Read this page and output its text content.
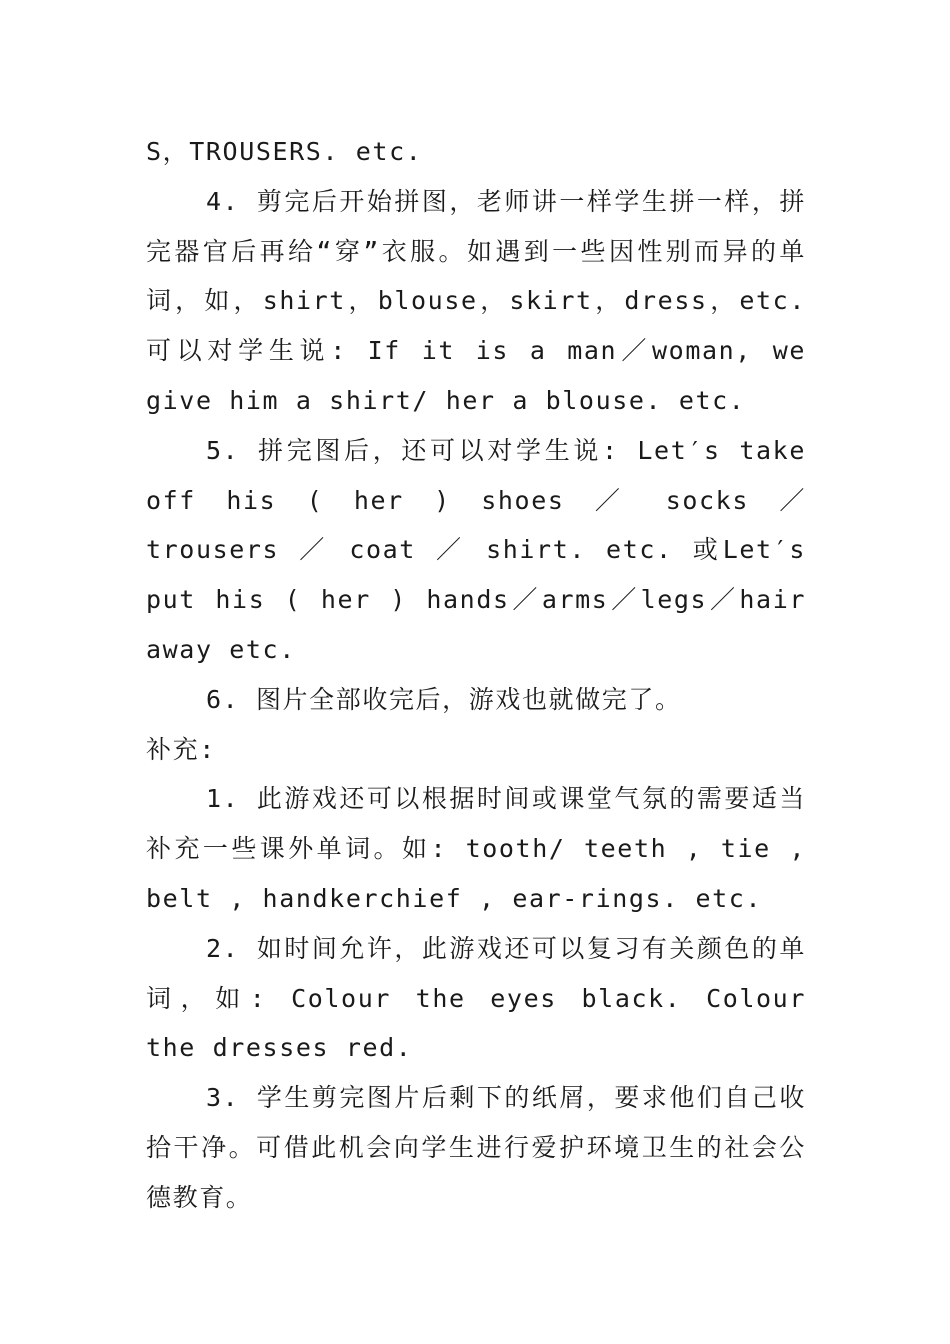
S，TROUSERS. etc.

4. 剪完后开始拼图，老师讲一样学生拼一样，拼完器官后再给“穿”衣服。如遇到一些因性别而异的单词，如，shirt，blouse，skirt，dress，etc. 可以对学生说: If it is a man／woman, we give him a shirt/ her a blouse. etc.

5. 拼完图后，还可以对学生说: Let′s take off his ( her ) shoes ／ socks ／ trousers ／ coat ／ shirt. etc. 或Let′s put his ( her ) hands／arms／legs／hair away etc.

6. 图片全部收完后，游戏也就做完了。

补充:

1. 此游戏还可以根据时间或课堂气氛的需要适当补充一些课外单词。如: tooth/ teeth , tie , belt , handkerchief , ear-rings. etc.

2. 如时间允许，此游戏还可以复习有关颜色的单词，如: Colour the eyes black. Colour the dresses red.

3. 学生剪完图片后剩下的纸屑，要求他们自己收拾干净。可借此机会向学生进行爱护环境卫生的社会公德教育。
